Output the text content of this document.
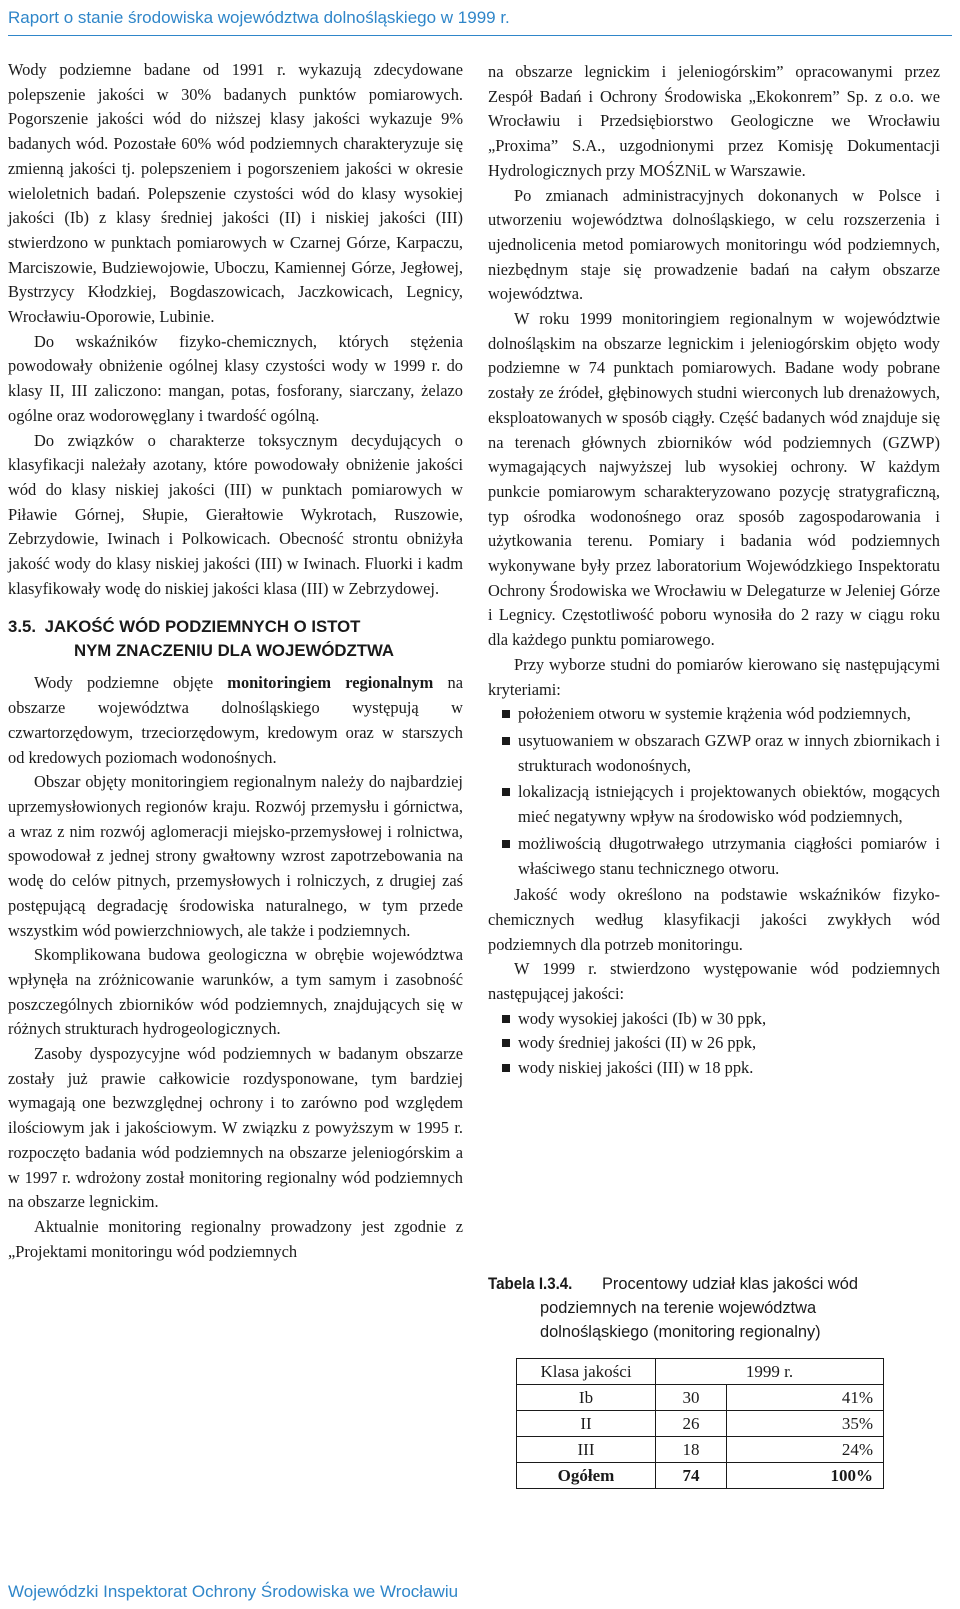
Raport o stanie środowiska województwa dolnośląskiego w 1999 r.

Wody podziemne badane od 1991 r. wykazują zdecydowane polepszenie jakości w 30% badanych punktów pomiarowych. Pogorszenie jakości wód do niższej klasy jakości wykazuje 9% badanych wód. Pozostałe 60% wód podziemnych charakteryzuje się zmienną jakości tj. polepszeniem i pogorszeniem jakości w okresie wieloletnich badań. Polepszenie czystości wód do klasy wysokiej jakości (Ib) z klasy średniej jakości (II) i niskiej jakości (III) stwierdzono w punktach pomiarowych w Czarnej Górze, Karpaczu, Marciszowie, Budziewojowie, Uboczu, Kamiennej Górze, Jegłowej, Bystrzycy Kłodzkiej, Bogdaszowicach, Jaczkowicach, Legnicy, Wrocławiu-Oporowie, Lubinie.

Do wskaźników fizyko-chemicznych, których stężenia powodowały obniżenie ogólnej klasy czystości wody w 1999 r. do klasy II, III zaliczono: mangan, potas, fosforany, siarczany, żelazo ogólne oraz wodorowęglany i twardość ogólną.

Do związków o charakterze toksycznym decydujących o klasyfikacji należały azotany, które powodowały obniżenie jakości wód do klasy niskiej jakości (III) w punktach pomiarowych w Piławie Górnej, Słupie, Gierałtowie Wykrotach, Ruszowie, Zebrzydowie, Iwinach i Polkowicach. Obecność strontu obniżyła jakość wody do klasy niskiej jakości (III) w Iwinach. Fluorki i kadm klasyfikowały wodę do niskiej jakości klasa (III) w Zebrzydowej.

3.5. JAKOŚĆ WÓD PODZIEMNYCH O ISTOT
NYM ZNACZENIU DLA WOJEWÓDZTWA

Wody podziemne objęte monitoringiem regionalnym na obszarze województwa dolnośląskiego występują w czwartorzędowym, trzeciorzędowym, kredowym oraz w starszych od kredowych poziomach wodonośnych.

Obszar objęty monitoringiem regionalnym należy do najbardziej uprzemysłowionych regionów kraju. Rozwój przemysłu i górnictwa, a wraz z nim rozwój aglomeracji miejsko-przemysłowej i rolnictwa, spowodował z jednej strony gwałtowny wzrost zapotrzebowania na wodę do celów pitnych, przemysłowych i rolniczych, z drugiej zaś postępującą degradację środowiska naturalnego, w tym przede wszystkim wód powierzchniowych, ale także i podziemnych.

Skomplikowana budowa geologiczna w obrębie województwa wpłynęła na zróżnicowanie warunków, a tym samym i zasobność poszczególnych zbiorników wód podziemnych, znajdujących się w różnych strukturach hydrogeologicznych.

Zasoby dyspozycyjne wód podziemnych w badanym obszarze zostały już prawie całkowicie rozdysponowane, tym bardziej wymagają one bezwzględnej ochrony i to zarówno pod względem ilościowym jak i jakościowym. W związku z powyższym w 1995 r. rozpoczęto badania wód podziemnych na obszarze jeleniogórskim a w 1997 r. wdrożony został monitoring regionalny wód podziemnych na obszarze legnickim.

Aktualnie monitoring regionalny prowadzony jest zgodnie z „Projektami monitoringu wód podziemnych

na obszarze legnickim i jeleniogórskim” opracowanymi przez Zespół Badań i Ochrony Środowiska „Ekokonrem” Sp. z o.o. we Wrocławiu i Przedsiębiorstwo Geologiczne we Wrocławiu „Proxima” S.A., uzgodnionymi przez Komisję Dokumentacji Hydrologicznych przy MOŚZNiL w Warszawie.

Po zmianach administracyjnych dokonanych w Polsce i utworzeniu województwa dolnośląskiego, w celu rozszerzenia i ujednolicenia metod pomiarowych monitoringu wód podziemnych, niezbędnym staje się prowadzenie badań na całym obszarze województwa.

W roku 1999 monitoringiem regionalnym w województwie dolnośląskim na obszarze legnickim i jeleniogórskim objęto wody podziemne w 74 punktach pomiarowych. Badane wody pobrane zostały ze źródeł, głębinowych studni wierconych lub drenażowych, eksploatowanych w sposób ciągły. Część badanych wód znajduje się na terenach głównych zbiorników wód podziemnych (GZWP) wymagających najwyższej lub wysokiej ochrony. W każdym punkcie pomiarowym scharakteryzowano pozycję stratygraficzną, typ ośrodka wodonośnego oraz sposób zagospodarowania i użytkowania terenu. Pomiary i badania wód podziemnych wykonywane były przez laboratorium Wojewódzkiego Inspektoratu Ochrony Środowiska we Wrocławiu w Delegaturze w Jeleniej Górze i Legnicy. Częstotliwość poboru wynosiła do 2 razy w ciągu roku dla każdego punktu pomiarowego.

Przy wyborze studni do pomiarów kierowano się następującymi kryteriami:

położeniem otworu w systemie krążenia wód podziemnych,
usytuowaniem w obszarach GZWP oraz w innych zbiornikach i strukturach wodonośnych,
lokalizacją istniejących i projektowanych obiektów, mogących mieć negatywny wpływ na środowisko wód podziemnych,
możliwością długotrwałego utrzymania ciągłości pomiarów i właściwego stanu technicznego otworu.

Jakość wody określono na podstawie wskaźników fizyko-chemicznych według klasyfikacji jakości zwykłych wód podziemnych dla potrzeb monitoringu.

W 1999 r. stwierdzono występowanie wód podziemnych następującej jakości:

wody wysokiej jakości (Ib) w 30 ppk,
wody średniej jakości (II) w 26 ppk,
wody niskiej jakości (III) w 18 ppk.
Tabela I.3.4. Procentowy udział klas jakości wód
podziemnych na terenie województwa
dolnośląskiego (monitoring regionalny)
Klasa jakości	1999 r.	
Ib	30	41%
II	26	35%
III	18	24%
Ogółem	74	100%
Wojewódzki Inspektorat Ochrony Środowiska we Wrocławiu
